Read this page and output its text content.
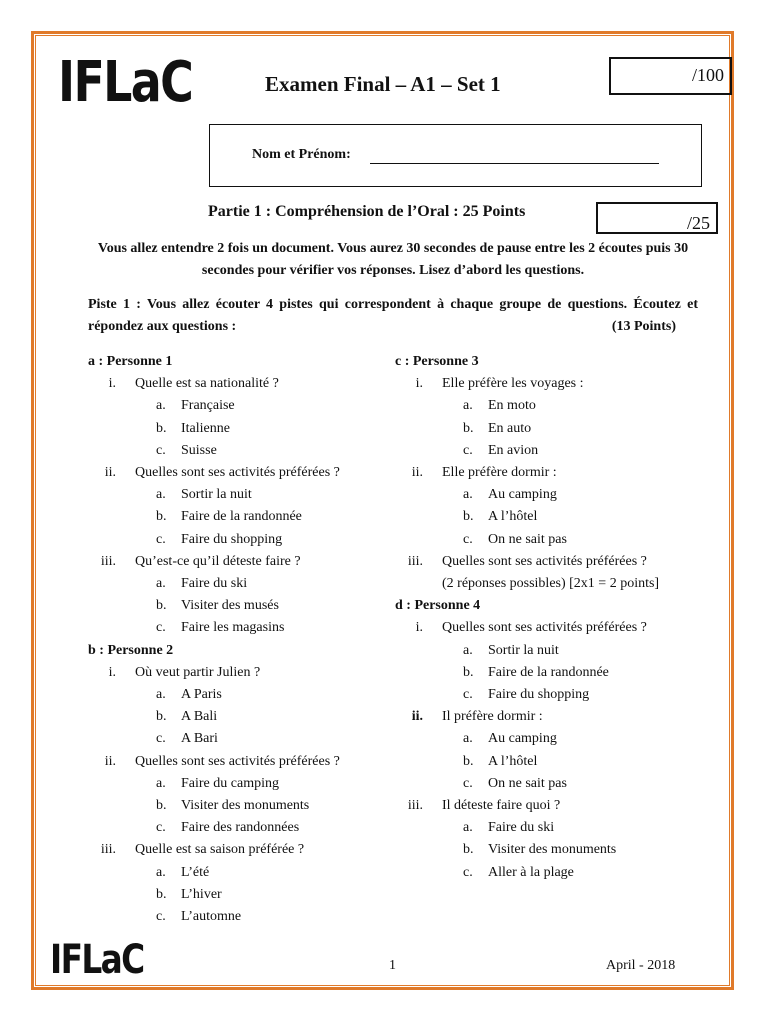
IFLaC	Examen Final – A1 – Set 1	/100
Nom et Prénom:
Partie 1 : Compréhension de l’Oral : 25 Points
/25
Vous allez entendre 2 fois un document. Vous aurez 30 secondes de pause entre les 2 écoutes puis 30 secondes pour vérifier vos réponses. Lisez d’abord les questions.
Piste 1 : Vous allez écouter 4 pistes qui correspondent à chaque groupe de questions. Écoutez et répondez aux questions :	(13 Points)
a : Personne 1
i. Quelle est sa nationalité ?
a. Française
b. Italienne
c. Suisse
ii. Quelles sont ses activités préférées ?
a. Sortir la nuit
b. Faire de la randonnée
c. Faire du shopping
iii. Qu’est-ce qu’il déteste faire ?
a. Faire du ski
b. Visiter des musés
c. Faire les magasins
b : Personne 2
i. Où veut partir Julien ?
a. A Paris
b. A Bali
c. A Bari
ii. Quelles sont ses activités préférées ?
a. Faire du camping
b. Visiter des monuments
c. Faire des randonnées
iii. Quelle est sa saison préférée ?
a. L’été
b. L’hiver
c. L’automne
c : Personne 3
i. Elle préfère les voyages :
a. En moto
b. En auto
c. En avion
ii. Elle préfère dormir :
a. Au camping
b. A l’hôtel
c. On ne sait pas
iii. Quelles sont ses activités préférées ?
(2 réponses possibles) [2x1 = 2 points]
d : Personne 4
i. Quelles sont ses activités préférées ?
a. Sortir la nuit
b. Faire de la randonnée
c. Faire du shopping
ii. Il préfère dormir :
a. Au camping
b. A l’hôtel
c. On ne sait pas
iii. Il déteste faire quoi ?
a. Faire du ski
b. Visiter des monuments
c. Aller à la plage
IFLaC	1	April - 2018
